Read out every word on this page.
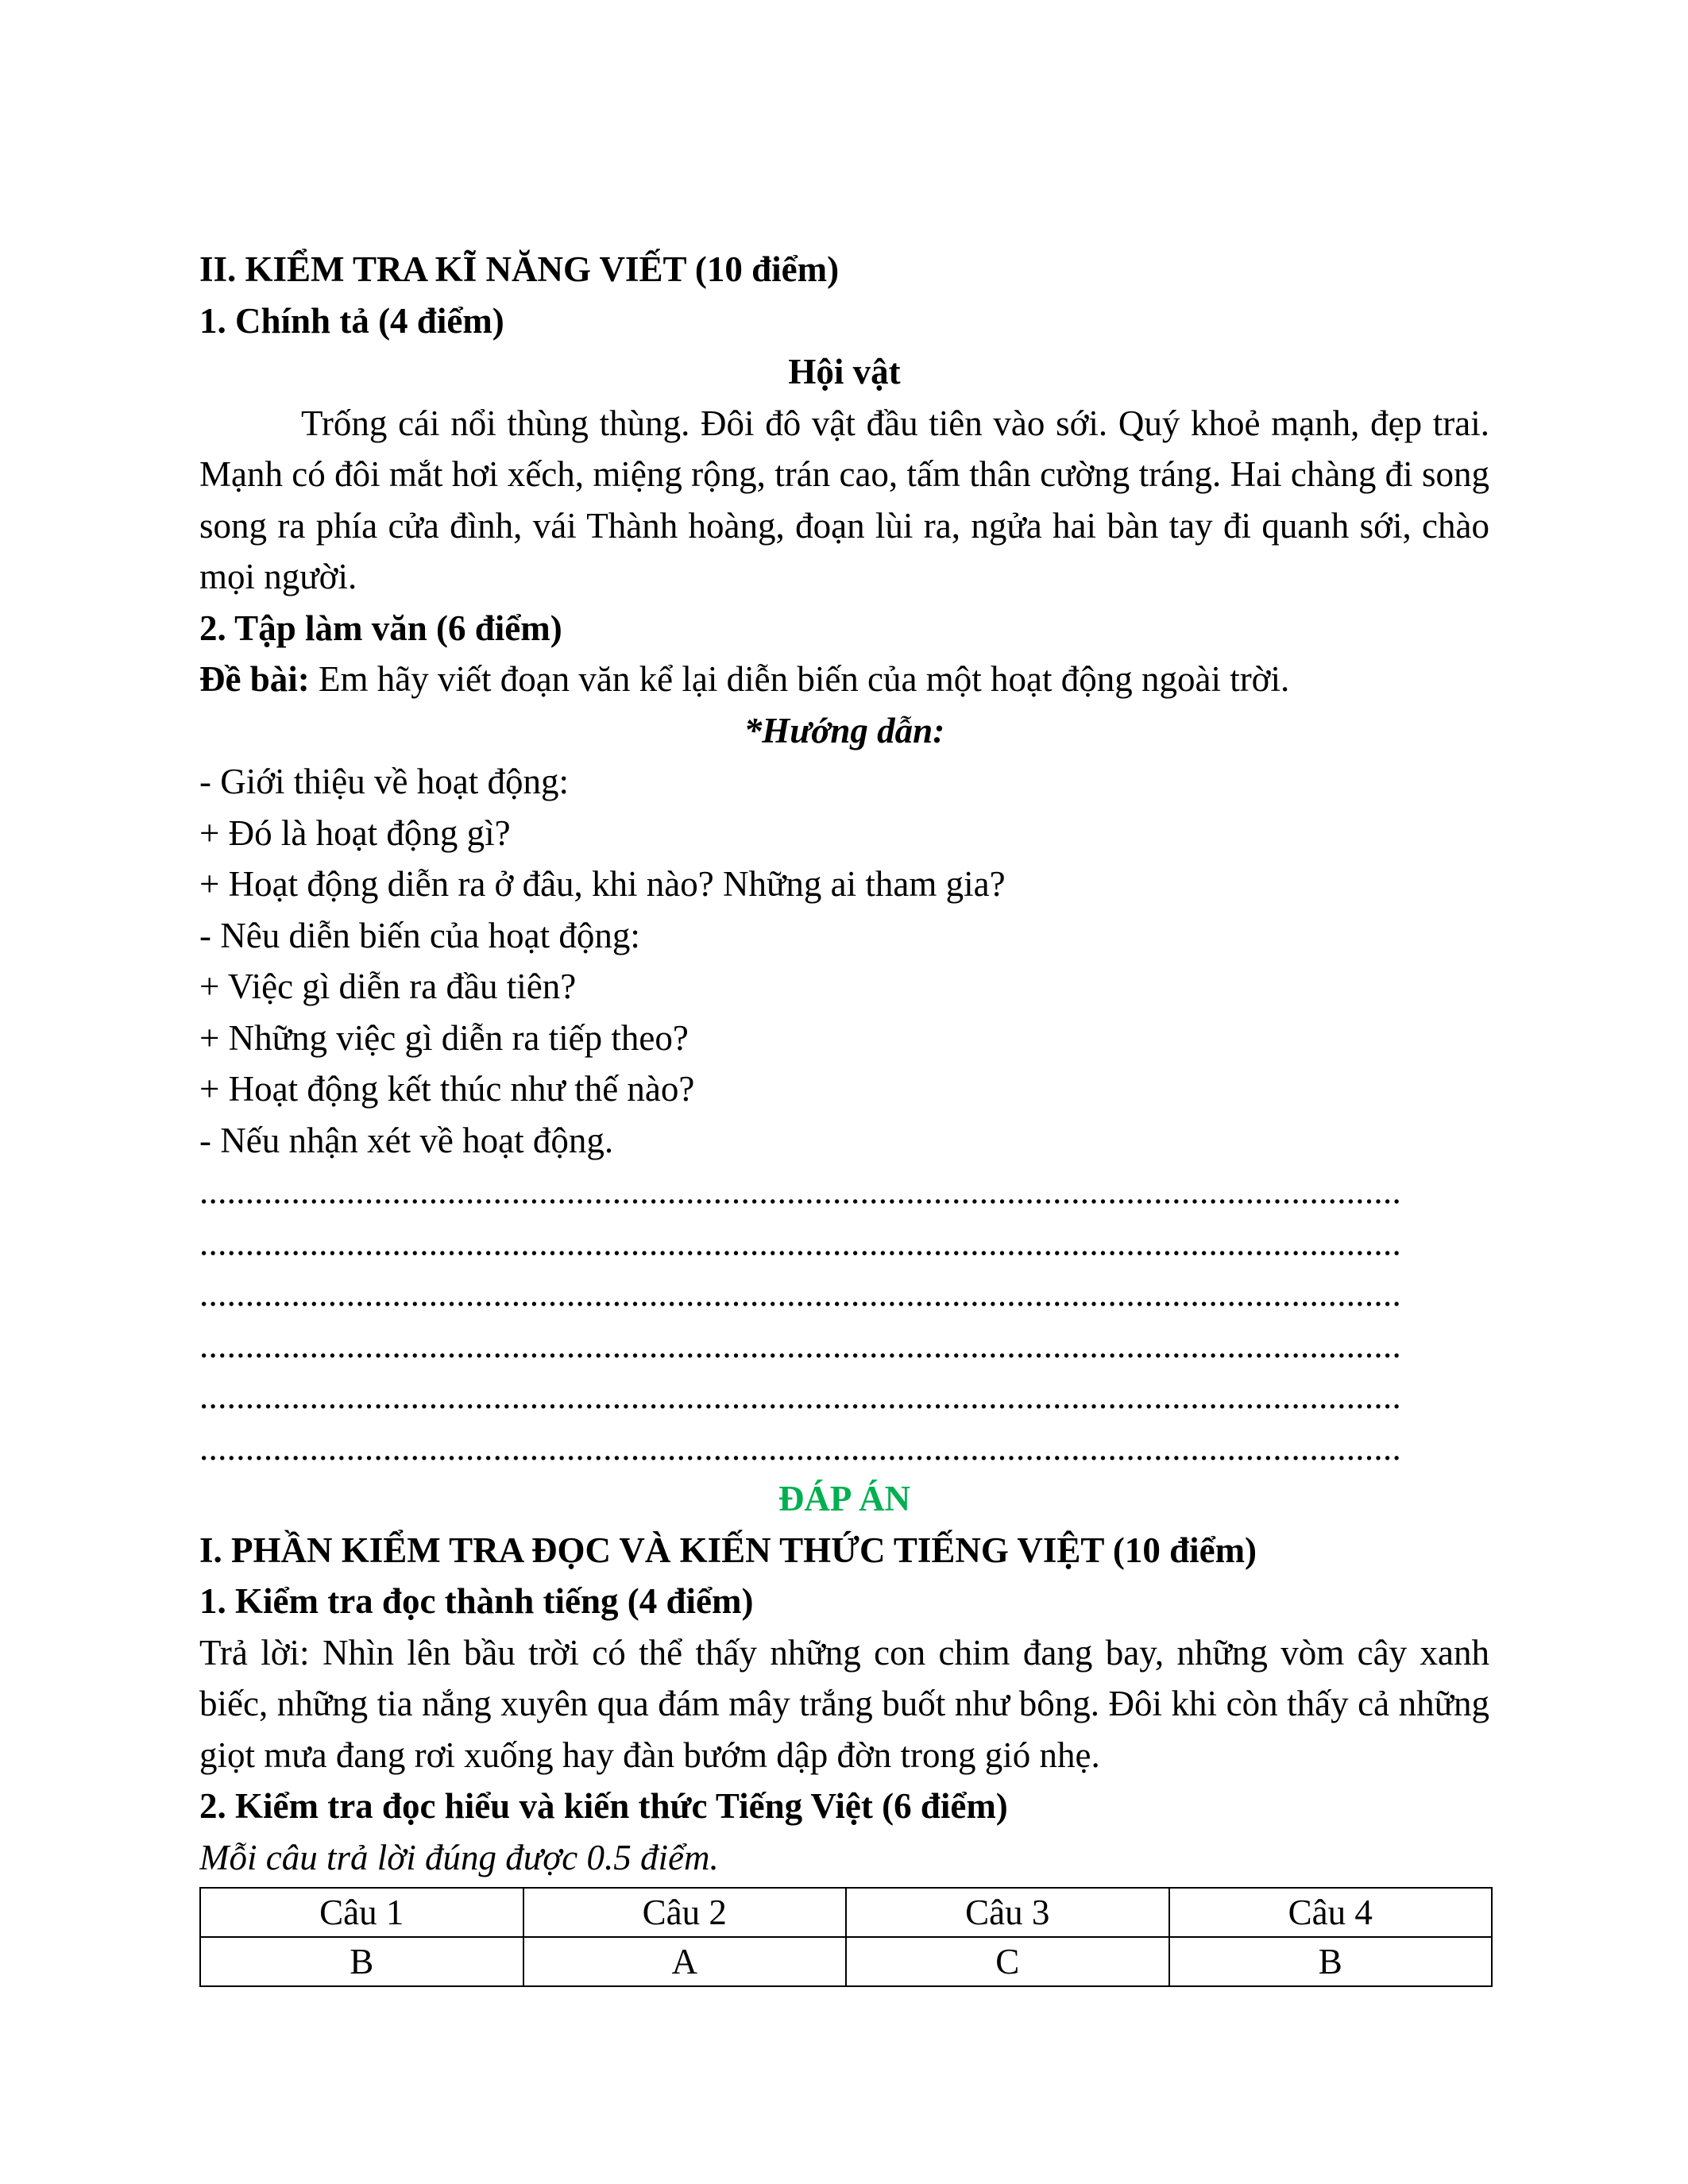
II. KIỂM TRA KĨ NĂNG VIẾT (10 điểm)

1. Chính tả (4 điểm)

Hội vật

Trống cái nổi thùng thùng. Đôi đô vật đầu tiên vào sới. Quý khoẻ mạnh, đẹp trai. Mạnh có đôi mắt hơi xếch, miệng rộng, trán cao, tấm thân cường tráng. Hai chàng đi song song ra phía cửa đình, vái Thành hoàng, đoạn lùi ra, ngửa hai bàn tay đi quanh sới, chào mọi người.

2. Tập làm văn (6 điểm)

Đề bài: Em hãy viết đoạn văn kể lại diễn biến của một hoạt động ngoài trời.

*Hướng dẫn:

- Giới thiệu về hoạt động:

+ Đó là hoạt động gì?

+ Hoạt động diễn ra ở đâu, khi nào? Những ai tham gia?

- Nêu diễn biến của hoạt động:

+ Việc gì diễn ra đầu tiên?

+ Những việc gì diễn ra tiếp theo?

+ Hoạt động kết thúc như thế nào?

- Nếu nhận xét về hoạt động.

...................................................................................................................................

...................................................................................................................................

...................................................................................................................................

...................................................................................................................................

...................................................................................................................................

...................................................................................................................................

ĐÁP ÁN

I. PHẦN KIỂM TRA ĐỌC VÀ KIẾN THỨC TIẾNG VIỆT (10 điểm)

1. Kiểm tra đọc thành tiếng (4 điểm)

Trả lời: Nhìn lên bầu trời có thể thấy những con chim đang bay, những vòm cây xanh biếc, những tia nắng xuyên qua đám mây trắng buốt như bông. Đôi khi còn thấy cả những giọt mưa đang rơi xuống hay đàn bướm dập đờn trong gió nhẹ.

2. Kiểm tra đọc hiểu và kiến thức Tiếng Việt (6 điểm)

Mỗi câu trả lời đúng được 0.5 điểm.

Câu 1	Câu 2	Câu 3	Câu 4
B	A	C	B
